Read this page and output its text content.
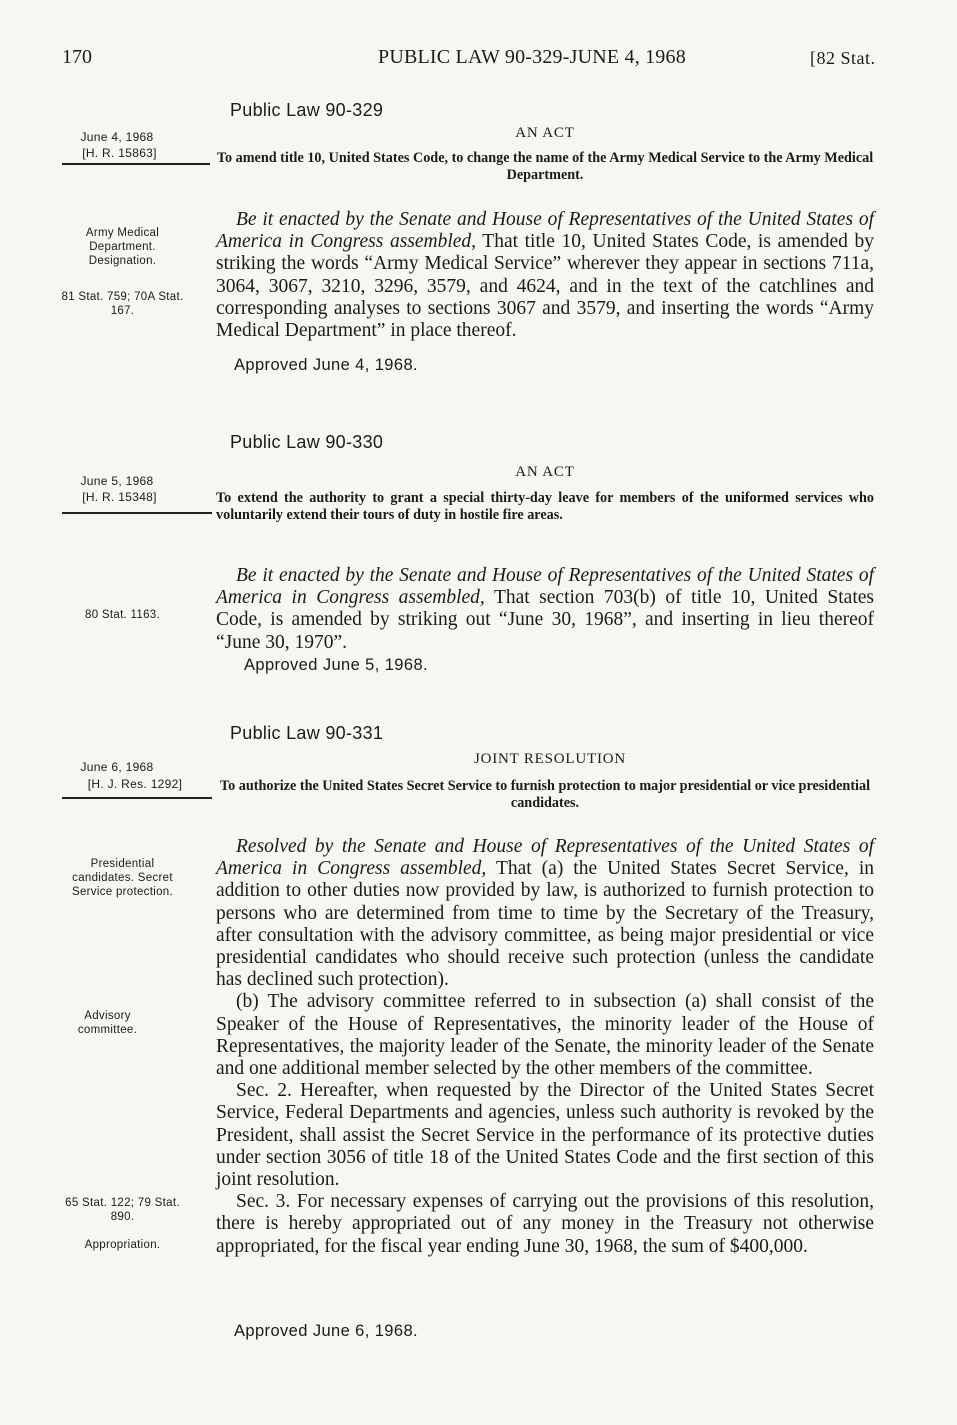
170	PUBLIC LAW 90-329-JUNE 4, 1968	[82 Stat.
Public Law 90-329
AN ACT
June 4, 1968
[H. R. 15863]	To amend title 10, United States Code, to change the name of the Army Medical Service to the Army Medical Department.
Army Medical Department. Designation.
81 Stat. 759; 70A Stat. 167.

Be it enacted by the Senate and House of Representatives of the United States of America in Congress assembled, That title 10, United States Code, is amended by striking the words “Army Medical Service” wherever they appear in sections 711a, 3064, 3067, 3210, 3296, 3579, and 4624, and in the text of the catchlines and corresponding analyses to sections 3067 and 3579, and inserting the words “Army Medical Department” in place thereof.

Approved June 4, 1968.
Public Law 90-330
AN ACT
June 5, 1968
[H. R. 15348]	To extend the authority to grant a special thirty-day leave for members of the uniformed services who voluntarily extend their tours of duty in hostile fire areas.
80 Stat. 1163.

Be it enacted by the Senate and House of Representatives of the United States of America in Congress assembled, That section 703(b) of title 10, United States Code, is amended by striking out “June 30, 1968”, and inserting in lieu thereof “June 30, 1970”.

Approved June 5, 1968.
Public Law 90-331
JOINT RESOLUTION
June 6, 1968
[H. J. Res. 1292]	To authorize the United States Secret Service to furnish protection to major presidential or vice presidential candidates.
Presidential candidates. Secret Service protection.
Advisory committee.
65 Stat. 122; 79 Stat. 890.
Appropriation.

Resolved by the Senate and House of Representatives of the United States of America in Congress assembled, That (a) the United States Secret Service, in addition to other duties now provided by law, is authorized to furnish protection to persons who are determined from time to time by the Secretary of the Treasury, after consultation with the advisory committee, as being major presidential or vice presidential candidates who should receive such protection (unless the candidate has declined such protection).

(b) The advisory committee referred to in subsection (a) shall consist of the Speaker of the House of Representatives, the minority leader of the House of Representatives, the majority leader of the Senate, the minority leader of the Senate and one additional member selected by the other members of the committee.

Sec. 2. Hereafter, when requested by the Director of the United States Secret Service, Federal Departments and agencies, unless such authority is revoked by the President, shall assist the Secret Service in the performance of its protective duties under section 3056 of title 18 of the United States Code and the first section of this joint resolution.

Sec. 3. For necessary expenses of carrying out the provisions of this resolution, there is hereby appropriated out of any money in the Treasury not otherwise appropriated, for the fiscal year ending June 30, 1968, the sum of $400,000.

Approved June 6, 1968.
